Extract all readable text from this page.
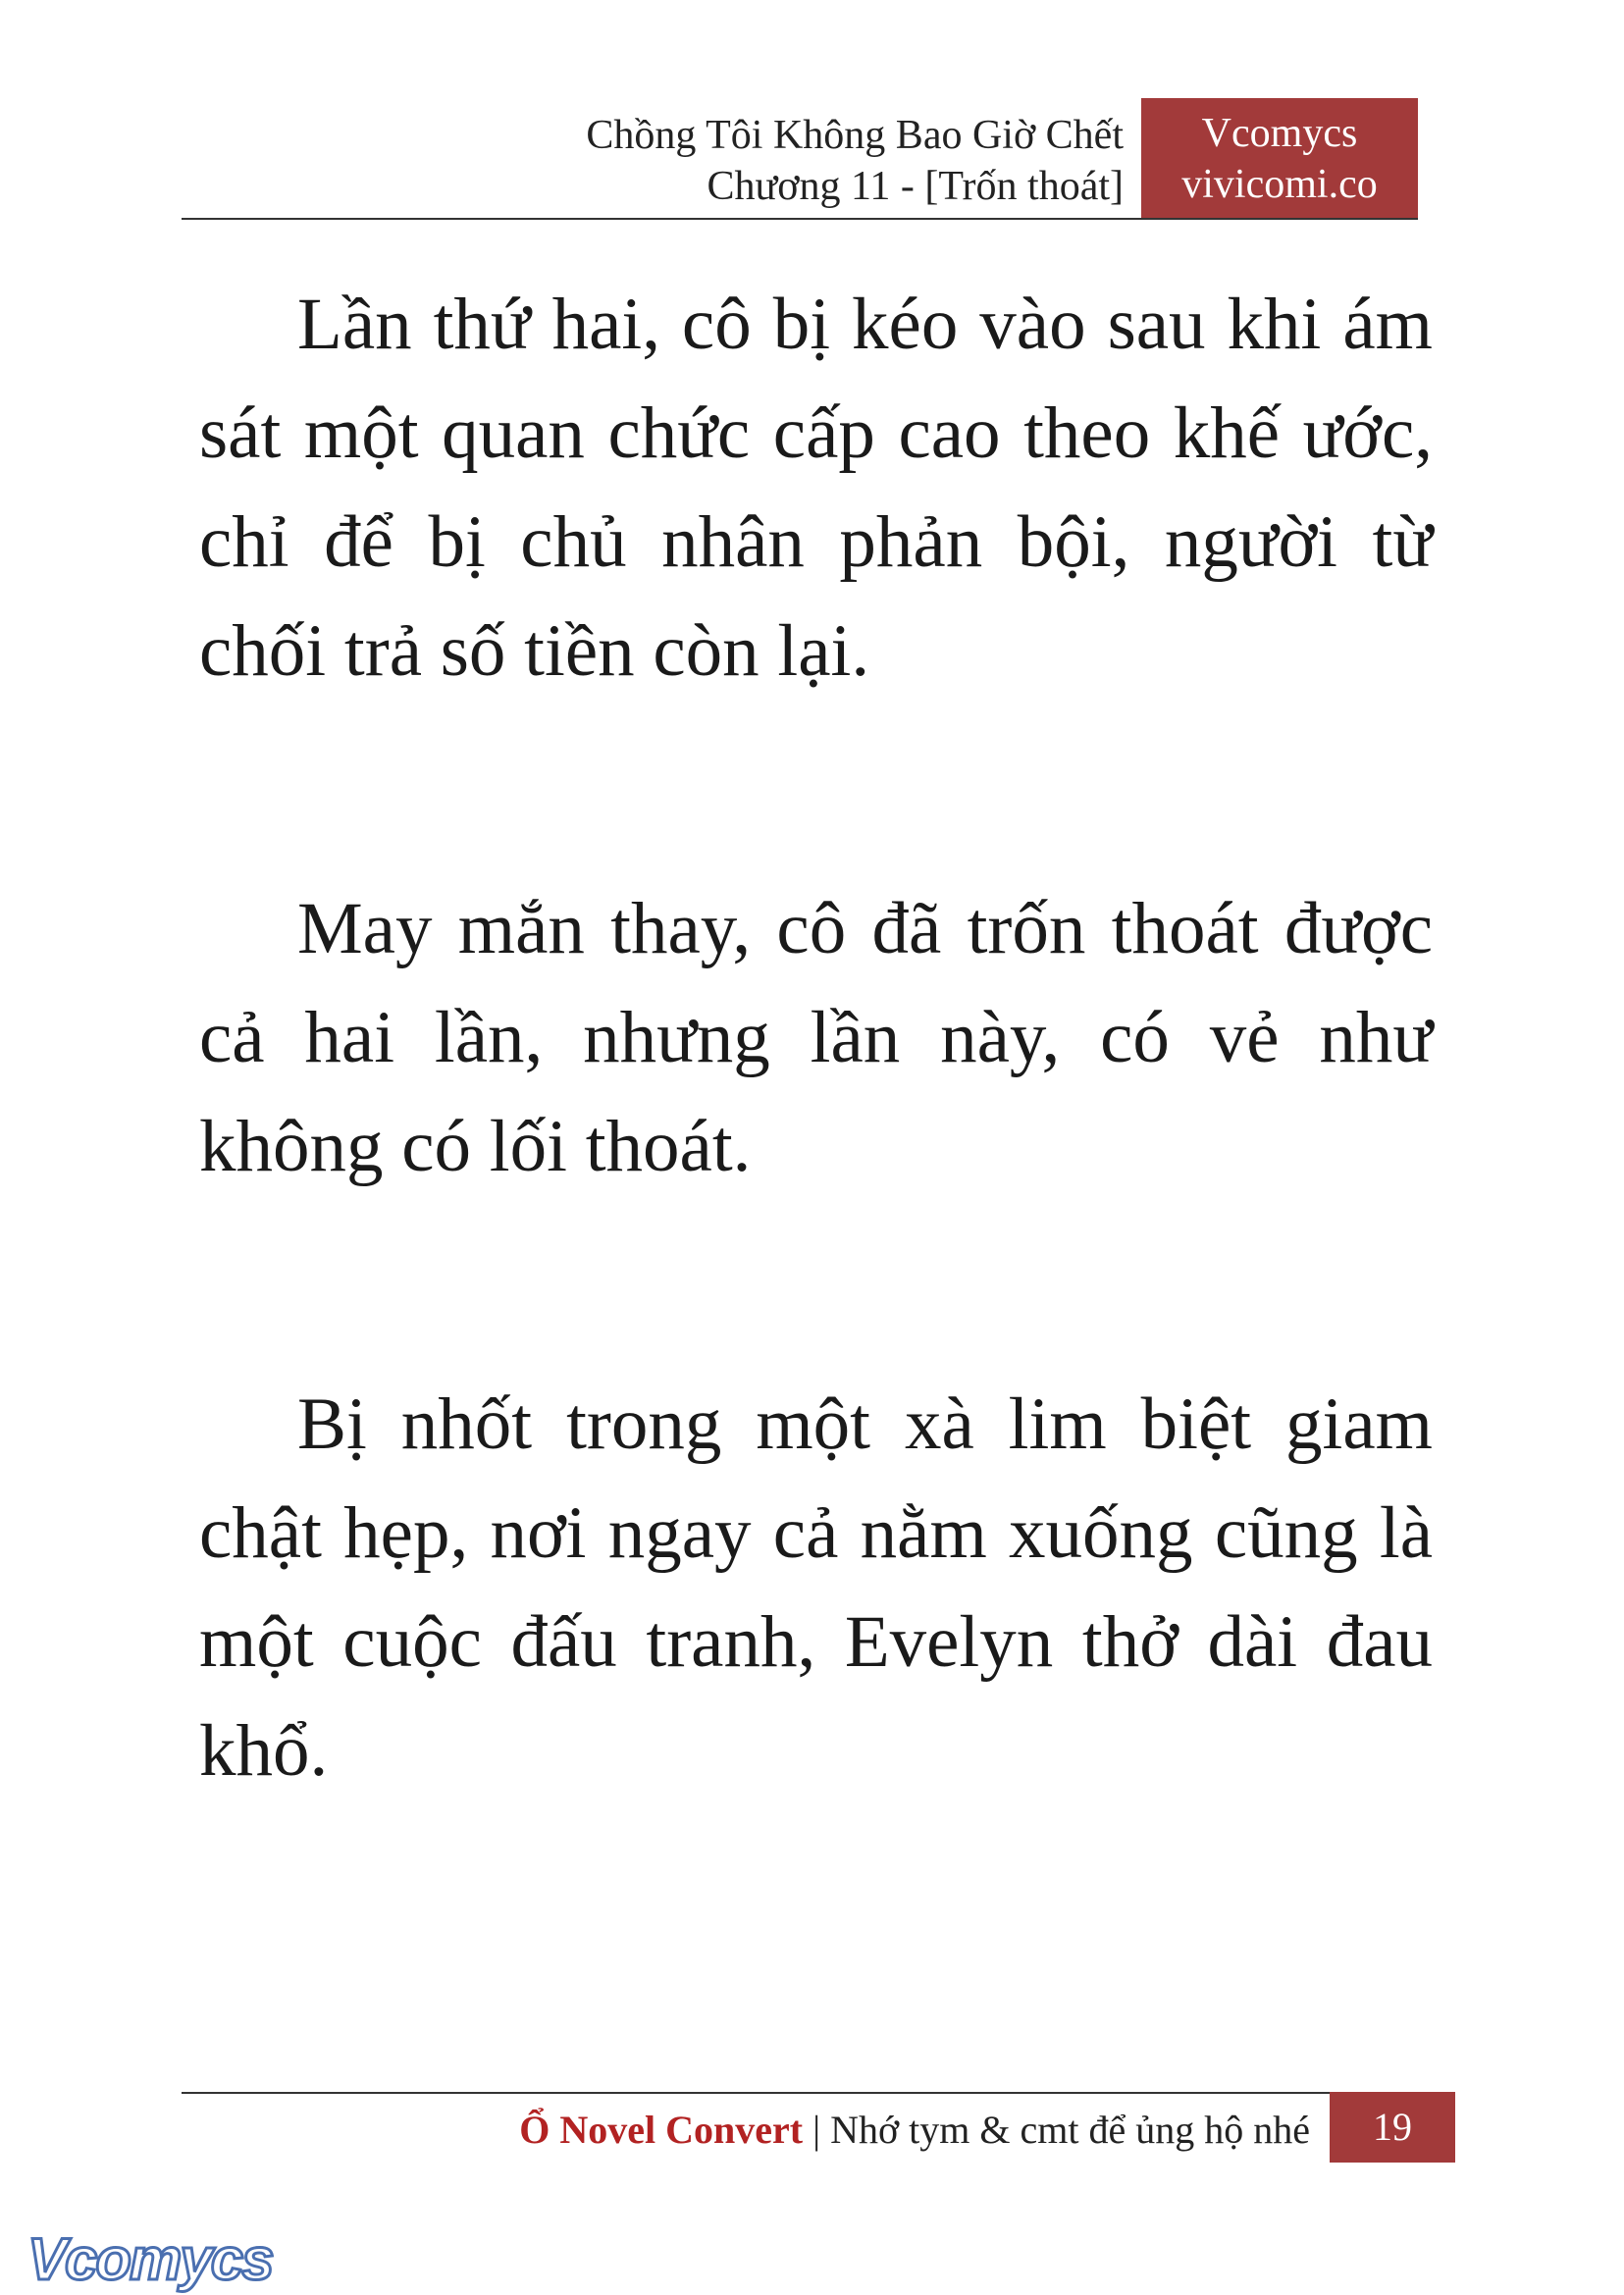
Chồng Tôi Không Bao Giờ Chết
Chương 11 - [Trốn thoát]
Vcomycs
vivicomi.co

Lần thứ hai, cô bị kéo vào sau khi ám sát một quan chức cấp cao theo khế ước, chỉ để bị chủ nhân phản bội, người từ chối trả số tiền còn lại.

May mắn thay, cô đã trốn thoát được cả hai lần, nhưng lần này, có vẻ như không có lối thoát.

Bị nhốt trong một xà lim biệt giam chật hẹp, nơi ngay cả nằm xuống cũng là một cuộc đấu tranh, Evelyn thở dài đau khổ.

Ổ Novel Convert | Nhớ tym & cmt để ủng hộ nhé	19
Vcomycs
